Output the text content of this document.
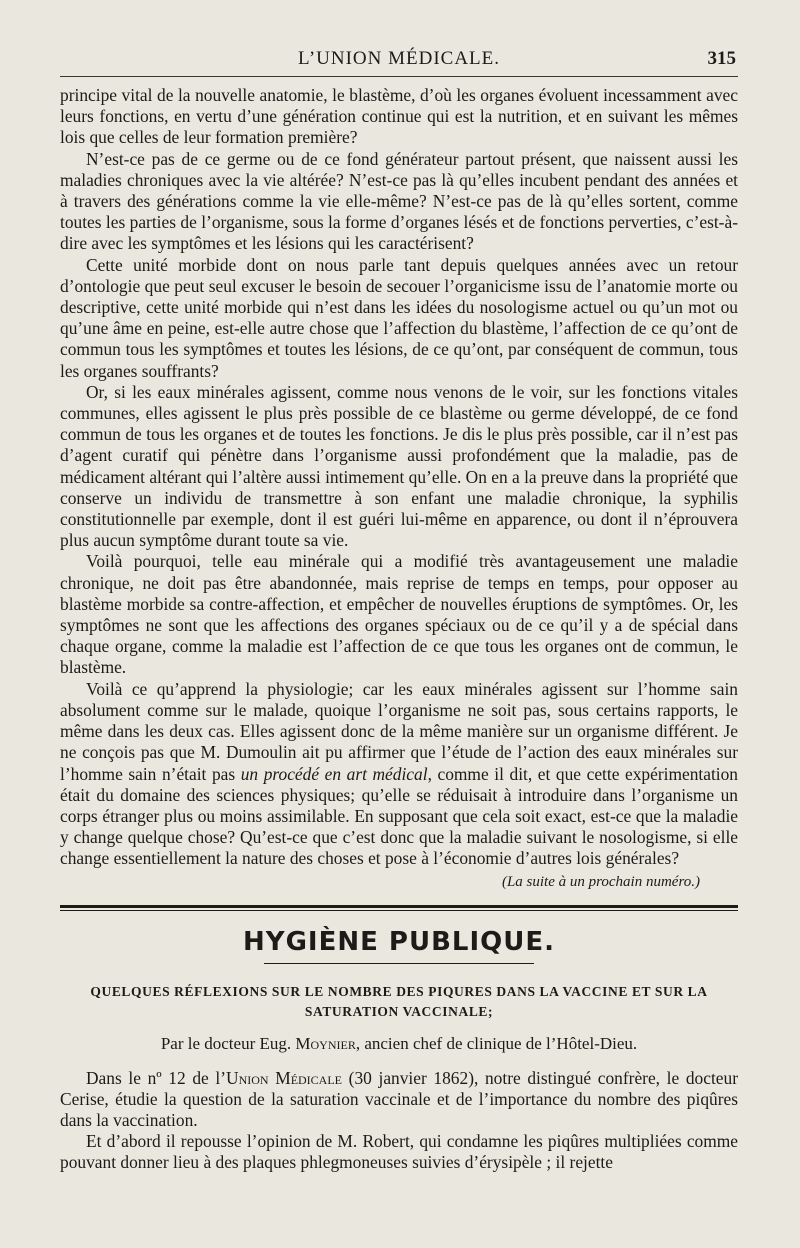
L’UNION MÉDICALE.	315

principe vital de la nouvelle anatomie, le blastème, d’où les organes évoluent incessamment avec leurs fonctions, en vertu d’une génération continue qui est la nutrition, et en suivant les mêmes lois que celles de leur formation première?

N’est-ce pas de ce germe ou de ce fond générateur partout présent, que naissent aussi les maladies chroniques avec la vie altérée? N’est-ce pas là qu’elles incubent pendant des années et à travers des générations comme la vie elle-même? N’est-ce pas de là qu’elles sortent, comme toutes les parties de l’organisme, sous la forme d’organes lésés et de fonctions perverties, c’est-à-dire avec les symptômes et les lésions qui les caractérisent?

Cette unité morbide dont on nous parle tant depuis quelques années avec un retour d’ontologie que peut seul excuser le besoin de secouer l’organicisme issu de l’anatomie morte ou descriptive, cette unité morbide qui n’est dans les idées du nosologisme actuel ou qu’un mot ou qu’une âme en peine, est-elle autre chose que l’affection du blastème, l’affection de ce qu’ont de commun tous les symptômes et toutes les lésions, de ce qu’ont, par conséquent de commun, tous les organes souffrants?

Or, si les eaux minérales agissent, comme nous venons de le voir, sur les fonctions vitales communes, elles agissent le plus près possible de ce blastème ou germe développé, de ce fond commun de tous les organes et de toutes les fonctions. Je dis le plus près possible, car il n’est pas d’agent curatif qui pénètre dans l’organisme aussi profondément que la maladie, pas de médicament altérant qui l’altère aussi intimement qu’elle. On en a la preuve dans la propriété que conserve un individu de transmettre à son enfant une maladie chronique, la syphilis constitutionnelle par exemple, dont il est guéri lui-même en apparence, ou dont il n’éprouvera plus aucun symptôme durant toute sa vie.

Voilà pourquoi, telle eau minérale qui a modifié très avantageusement une maladie chronique, ne doit pas être abandonnée, mais reprise de temps en temps, pour opposer au blastème morbide sa contre-affection, et empêcher de nouvelles éruptions de symptômes. Or, les symptômes ne sont que les affections des organes spéciaux ou de ce qu’il y a de spécial dans chaque organe, comme la maladie est l’affection de ce que tous les organes ont de commun, le blastème.

Voilà ce qu’apprend la physiologie; car les eaux minérales agissent sur l’homme sain absolument comme sur le malade, quoique l’organisme ne soit pas, sous certains rapports, le même dans les deux cas. Elles agissent donc de la même manière sur un organisme différent. Je ne conçois pas que M. Dumoulin ait pu affirmer que l’étude de l’action des eaux minérales sur l’homme sain n’était pas un procédé en art médical, comme il dit, et que cette expérimentation était du domaine des sciences physiques; qu’elle se réduisait à introduire dans l’organisme un corps étranger plus ou moins assimilable. En supposant que cela soit exact, est-ce que la maladie y change quelque chose? Qu’est-ce que c’est donc que la maladie suivant le nosologisme, si elle change essentiellement la nature des choses et pose à l’économie d’autres lois générales?

(La suite à un prochain numéro.)
HYGIÈNE PUBLIQUE.
QUELQUES RÉFLEXIONS SUR LE NOMBRE DES PIQURES DANS LA VACCINE ET SUR LA SATURATION VACCINALE;
Par le docteur Eug. Moynier, ancien chef de clinique de l’Hôtel-Dieu.

Dans le nº 12 de l’Union Médicale (30 janvier 1862), notre distingué confrère, le docteur Cerise, étudie la question de la saturation vaccinale et de l’importance du nombre des piqûres dans la vaccination.

Et d’abord il repousse l’opinion de M. Robert, qui condamne les piqûres multipliées comme pouvant donner lieu à des plaques phlegmoneuses suivies d’érysipèle ; il rejette
